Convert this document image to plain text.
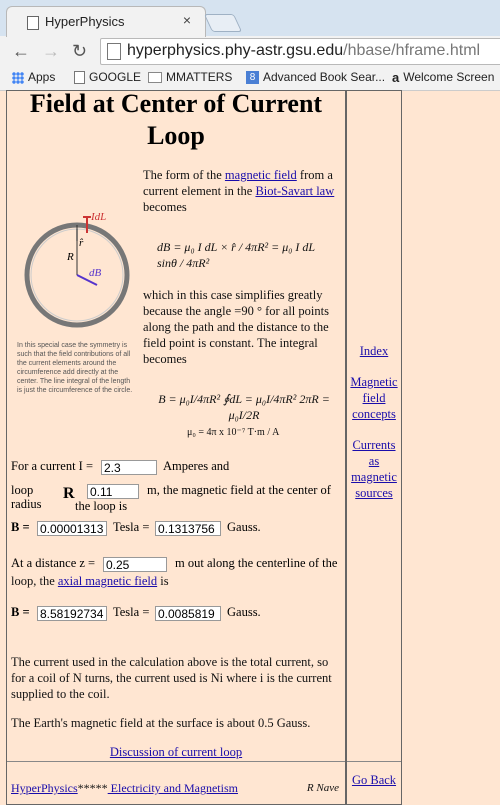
HyperPhysics	×
← → ↻ hyperphysics.phy-astr.gsu.edu/hbase/hframe.html
Apps	GOOGLE	MMATTERS	8 Advanced Book Sear... a Welcome Screen
Field at Center of Current
Loop
The form of the magnetic field from a current element in the Biot-Savart law becomes
IdL
r̂
R
dB
In this special case the symmetry is such that the field contributions of all the current elements around the circumference add directly at the center. The line integral of the length is just the circumference of the circle.
dB = μ₀ I dL × r̂ / 4πR² = μ₀ I dL sinθ / 4πR²
which in this case simplifies greatly because the angle =90 ° for all points along the path and the distance to the field point is constant. The integral becomes
B = μ₀I/4πR² ∮dL = μ₀I/4πR² 2πR = μ₀I/2R
μ₀ = 4π x 10⁻⁷ T·m / A
For a current I = 2.3	Amperes and
loop radius
R 0.11	m, the magnetic field at the center of
the loop is
B = 0.00001313 Tesla = 0.1313756 Gauss.
At a distance z = 0.25	m out along the centerline of the
loop, the axial magnetic field is
B = 8.58192734 Tesla = 0.0085819 Gauss.
The current used in the calculation above is the total current, so for a coil of N turns, the current used is Ni where i is the current supplied to the coil.
The Earth's magnetic field at the surface is about 0.5 Gauss.
Discussion of current loop
HyperPhysics***** Electricity and Magnetism	R Nave
Index
Magnetic field concepts
Currents as magnetic sources
Go Back
